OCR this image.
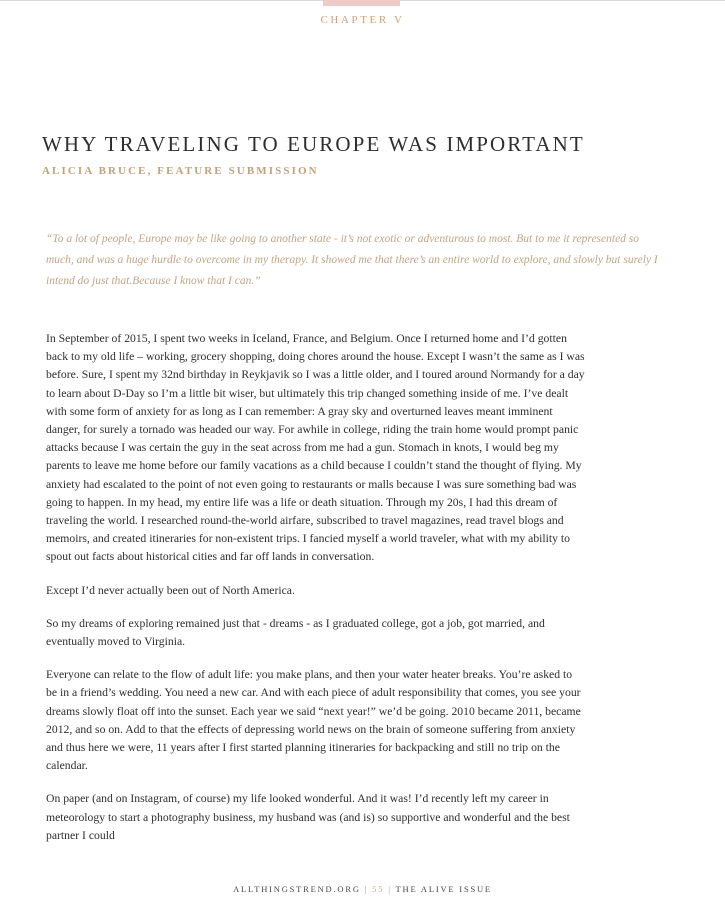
CHAPTER V
WHY TRAVELING TO EUROPE WAS IMPORTANT
ALICIA BRUCE, FEATURE SUBMISSION

“To a lot of people, Europe may be like going to another state - it’s not exotic or adventurous to most. But to me it represented so much, and was a huge hurdle to overcome in my therapy. It showed me that there’s an entire world to explore, and slowly but surely I intend do just that.Because I know that I can.”

In September of 2015, I spent two weeks in Iceland, France, and Belgium. Once I returned home and I’d gotten back to my old life – working, grocery shopping, doing chores around the house. Except I wasn’t the same as I was before. Sure, I spent my 32nd birthday in Reykjavik so I was a little older, and I toured around Normandy for a day to learn about D-Day so I’m a little bit wiser, but ultimately this trip changed something inside of me. I’ve dealt with some form of anxiety for as long as I can remember: A gray sky and overturned leaves meant imminent danger, for surely a tornado was headed our way. For awhile in college, riding the train home would prompt panic attacks because I was certain the guy in the seat across from me had a gun. Stomach in knots, I would beg my parents to leave me home before our family vacations as a child because I couldn’t stand the thought of flying. My anxiety had escalated to the point of not even going to restaurants or malls because I was sure something bad was going to happen. In my head, my entire life was a life or death situation. Through my 20s, I had this dream of traveling the world. I researched round-the-world airfare, subscribed to travel magazines, read travel blogs and memoirs, and created itineraries for non-existent trips. I fancied myself a world traveler, what with my ability to spout out facts about historical cities and far off lands in conversation.

Except I’d never actually been out of North America.

So my dreams of exploring remained just that - dreams - as I graduated college, got a job, got married, and eventually moved to Virginia.

Everyone can relate to the flow of adult life: you make plans, and then your water heater breaks. You’re asked to be in a friend’s wedding. You need a new car. And with each piece of adult responsibility that comes, you see your dreams slowly float off into the sunset. Each year we said “next year!” we’d be going. 2010 became 2011, became 2012, and so on. Add to that the effects of depressing world news on the brain of someone suffering from anxiety and thus here we were, 11 years after I first started planning itineraries for backpacking and still no trip on the calendar.

On paper (and on Instagram, of course) my life looked wonderful. And it was! I’d recently left my career in meteorology to start a photography business, my husband was (and is) so supportive and wonderful and the best partner I could

ALLTHINGSTREND.ORG | 55 | THE ALIVE ISSUE
